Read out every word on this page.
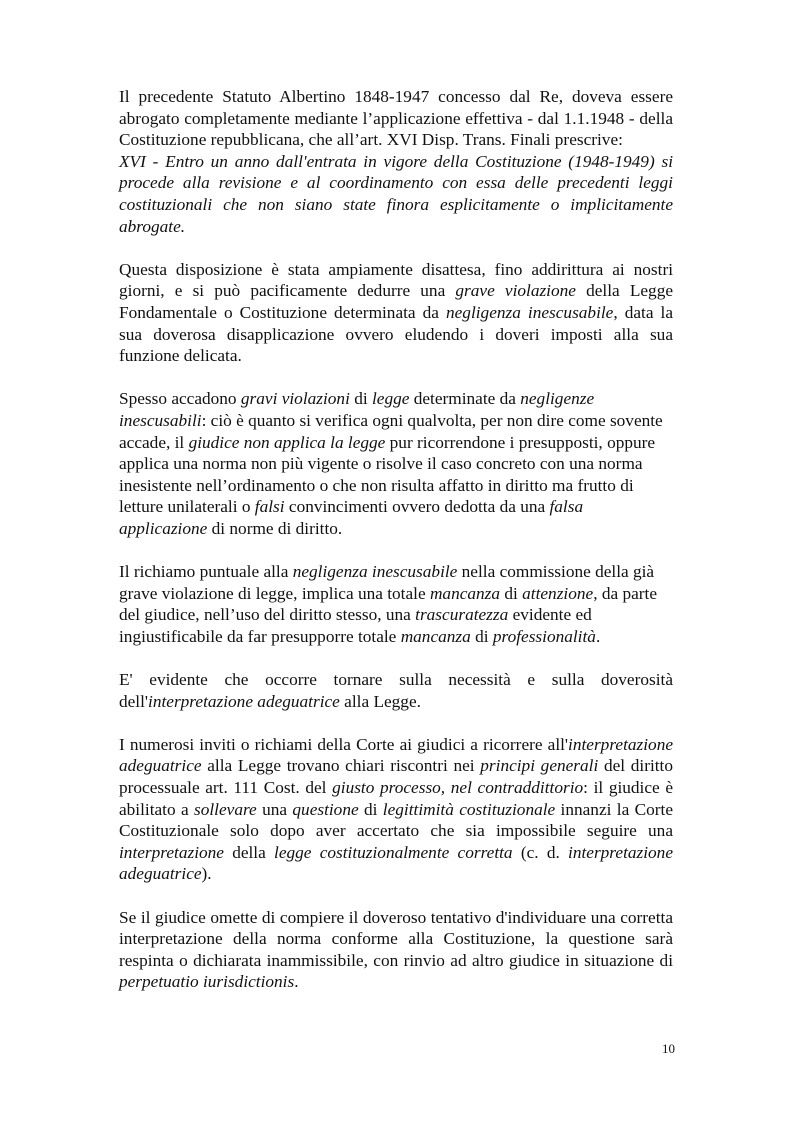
Il precedente Statuto Albertino 1848-1947 concesso dal Re, doveva essere abrogato completamente mediante l’applicazione effettiva - dal 1.1.1948 - della Costituzione repubblicana, che all’art. XVI Disp. Trans. Finali prescrive:

XVI - Entro un anno dall'entrata in vigore della Costituzione (1948-1949) si procede alla revisione e al coordinamento con essa delle precedenti leggi costituzionali che non siano state finora esplicitamente o implicitamente abrogate.

Questa disposizione è stata ampiamente disattesa, fino addirittura ai nostri giorni, e si può pacificamente dedurre una grave violazione della Legge Fondamentale o Costituzione determinata da negligenza inescusabile, data la sua doverosa disapplicazione ovvero eludendo i doveri imposti alla sua funzione delicata.

Spesso accadono gravi violazioni di legge determinate da negligenze inescusabili: ciò è quanto si verifica ogni qualvolta, per non dire come sovente accade, il giudice non applica la legge pur ricorrendone i presupposti, oppure applica una norma non più vigente o risolve il caso concreto con una norma inesistente nell’ordinamento o che non risulta affatto in diritto ma frutto di letture unilaterali o falsi convincimenti ovvero dedotta da una falsa applicazione di norme di diritto.

Il richiamo puntuale alla negligenza inescusabile nella commissione della già grave violazione di legge, implica una totale mancanza di attenzione, da parte del giudice, nell’uso del diritto stesso, una trascuratezza evidente ed ingiustificabile da far presupporre totale mancanza di professionalità.

E' evidente che occorre tornare sulla necessità e sulla doverosità dell'interpretazione adeguatrice alla Legge.

I numerosi inviti o richiami della Corte ai giudici a ricorrere all'interpretazione adeguatrice alla Legge trovano chiari riscontri nei principi generali del diritto processuale art. 111 Cost. del giusto processo, nel contraddittorio: il giudice è abilitato a sollevare una questione di legittimità costituzionale innanzi la Corte Costituzionale solo dopo aver accertato che sia impossibile seguire una interpretazione della legge costituzionalmente corretta (c. d. interpretazione adeguatrice).

Se il giudice omette di compiere il doveroso tentativo d'individuare una corretta interpretazione della norma conforme alla Costituzione, la questione sarà respinta o dichiarata inammissibile, con rinvio ad altro giudice in situazione di perpetuatio iurisdictionis.

10
